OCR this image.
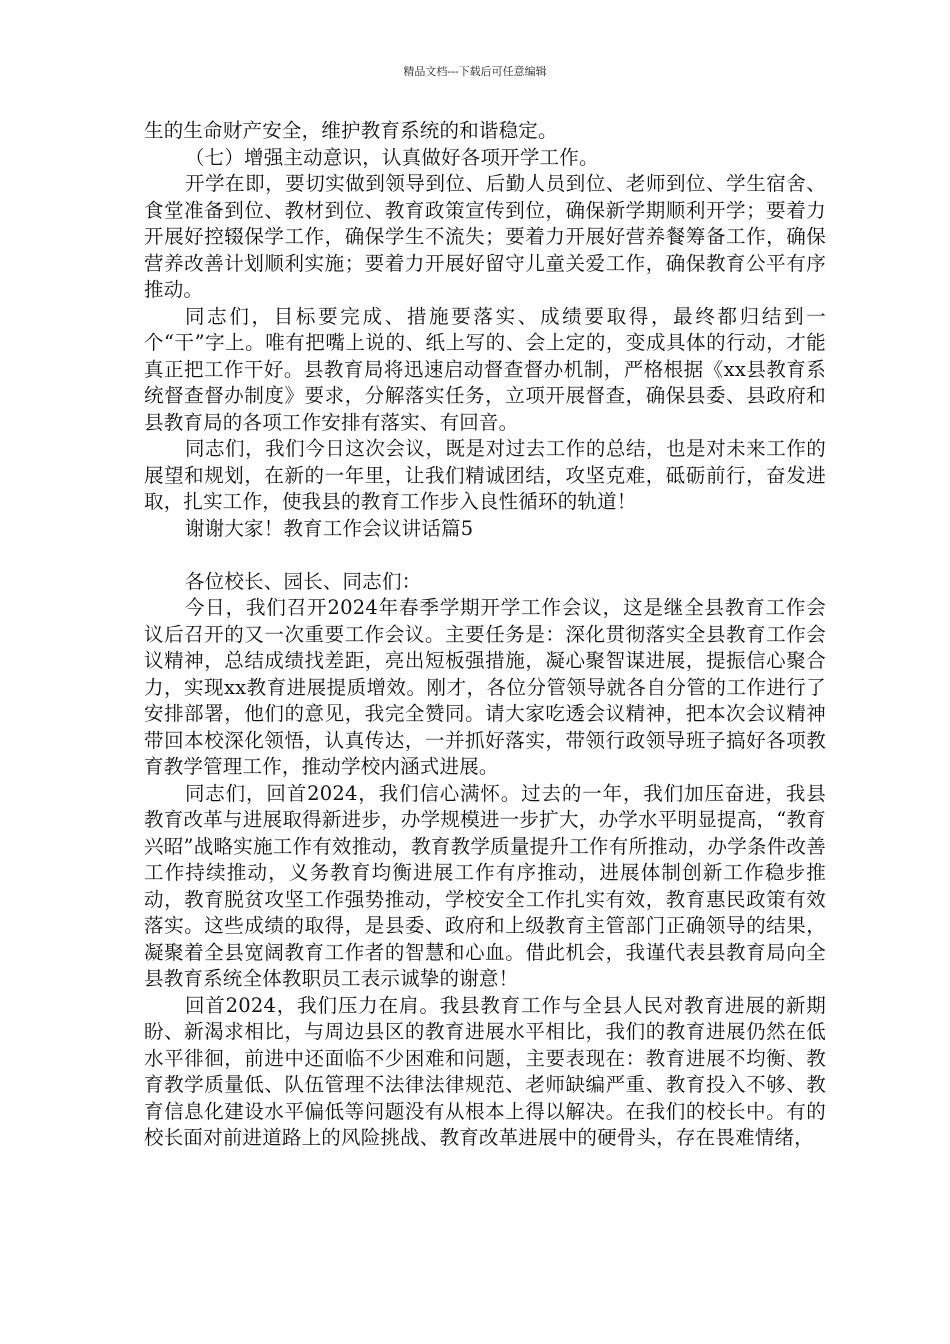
精品文档---下载后可任意编辑

生的生命财产安全，维护教育系统的和谐稳定。

（七）增强主动意识，认真做好各项开学工作。

开学在即，要切实做到领导到位、后勤人员到位、老师到位、学生宿舍、食堂准备到位、教材到位、教育政策宣传到位，确保新学期顺利开学；要着力开展好控辍保学工作，确保学生不流失；要着力开展好营养餐筹备工作，确保营养改善计划顺利实施；要着力开展好留守儿童关爱工作，确保教育公平有序推动。

同志们，目标要完成、措施要落实、成绩要取得，最终都归结到一个“干”字上。唯有把嘴上说的、纸上写的、会上定的，变成具体的行动，才能真正把工作干好。县教育局将迅速启动督查督办机制，严格根据《xx县教育系统督查督办制度》要求，分解落实任务，立项开展督查，确保县委、县政府和县教育局的各项工作安排有落实、有回音。

同志们，我们今日这次会议，既是对过去工作的总结，也是对未来工作的展望和规划，在新的一年里，让我们精诚团结，攻坚克难，砥砺前行，奋发进取，扎实工作，使我县的教育工作步入良性循环的轨道！

谢谢大家！教育工作会议讲话篇5

各位校长、园长、同志们：

今日，我们召开2024年春季学期开学工作会议，这是继全县教育工作会议后召开的又一次重要工作会议。主要任务是：深化贯彻落实全县教育工作会议精神，总结成绩找差距，亮出短板强措施，凝心聚智谋进展，提振信心聚合力，实现xx教育进展提质增效。刚才，各位分管领导就各自分管的工作进行了安排部署，他们的意见，我完全赞同。请大家吃透会议精神，把本次会议精神带回本校深化领悟，认真传达，一并抓好落实，带领行政领导班子搞好各项教育教学管理工作，推动学校内涵式进展。

同志们，回首2024，我们信心满怀。过去的一年，我们加压奋进，我县教育改革与进展取得新进步，办学规模进一步扩大，办学水平明显提高，“教育兴昭”战略实施工作有效推动，教育教学质量提升工作有所推动，办学条件改善工作持续推动，义务教育均衡进展工作有序推动，进展体制创新工作稳步推动，教育脱贫攻坚工作强势推动，学校安全工作扎实有效，教育惠民政策有效落实。这些成绩的取得，是县委、政府和上级教育主管部门正确领导的结果，凝聚着全县宽阔教育工作者的智慧和心血。借此机会，我谨代表县教育局向全县教育系统全体教职员工表示诚挚的谢意！

回首2024，我们压力在肩。我县教育工作与全县人民对教育进展的新期盼、新渴求相比，与周边县区的教育进展水平相比，我们的教育进展仍然在低水平徘徊，前进中还面临不少困难和问题，主要表现在：教育进展不均衡、教育教学质量低、队伍管理不法律法律规范、老师缺编严重、教育投入不够、教育信息化建设水平偏低等问题没有从根本上得以解决。在我们的校长中。有的校长面对前进道路上的风险挑战、教育改革进展中的硬骨头，存在畏难情绪，
